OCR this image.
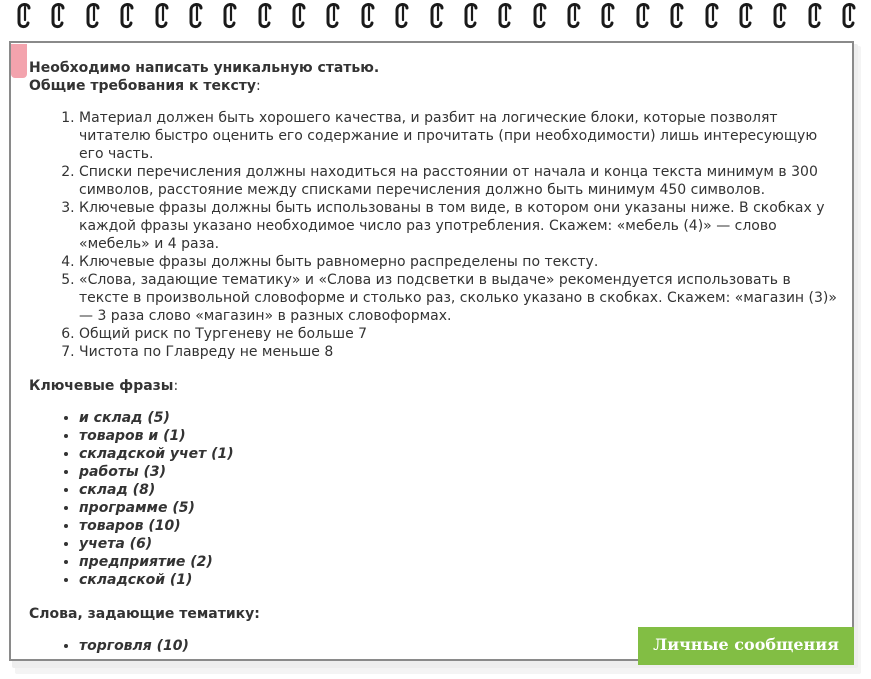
Необходимо написать уникальную статью.

Общие требования к тексту:

1. Материал должен быть хорошего качества, и разбит на логические блоки, которые позволят читателю быстро оценить его содержание и прочитать (при необходимости) лишь интересующую его часть.
2. Списки перечисления должны находиться на расстоянии от начала и конца текста минимум в 300 символов, расстояние между списками перечисления должно быть минимум 450 символов.
3. Ключевые фразы должны быть использованы в том виде, в котором они указаны ниже. В скобках у каждой фразы указано необходимое число раз употребления. Скажем: «мебель (4)» — слово «мебель» и 4 раза.
4. Ключевые фразы должны быть равномерно распределены по тексту.
5. «Слова, задающие тематику» и «Слова из подсветки в выдаче» рекомендуется использовать в тексте в произвольной словоформе и столько раз, сколько указано в скобках. Скажем: «магазин (3)» — 3 раза слово «магазин» в разных словоформах.
6. Общий риск по Тургеневу не больше 7
7. Чистота по Главреду не меньше 8

Ключевые фразы:

• и склад (5)
• товаров и (1)
• складской учет (1)
• работы (3)
• склад (8)
• программе (5)
• товаров (10)
• учета (6)
• предприятие (2)
• складской (1)

Слова, задающие тематику:

• торговля (10)	Личные сообщения
